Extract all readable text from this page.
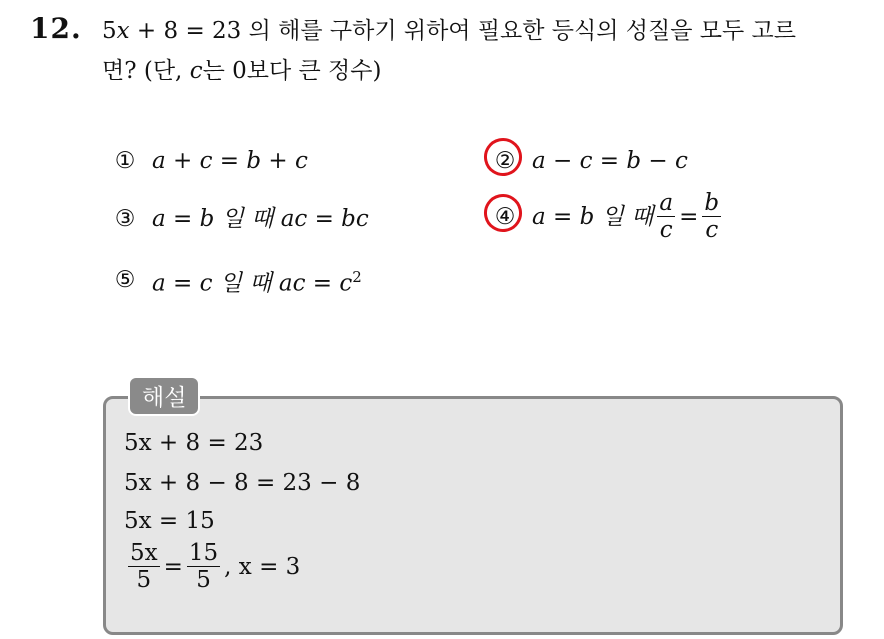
12. 5x + 8 = 23 의 해를 구하기 위하여 필요한 등식의 성질을 모두 고르
면? (단, c는 0보다 큰 정수)
① a + c = b + c	② a − c = b − c
③ a = b 일 때 ac = bc	④ a = b 일 때 $\frac{a}{c} = \frac{b}{c}$
⑤ a = c 일 때 ac = $c^2$
해설
5x + 8 = 23
5x + 8 − 8 = 23 − 8
5x = 15
$\frac{5x}{5} = \frac{15}{5}$ , x = 3
